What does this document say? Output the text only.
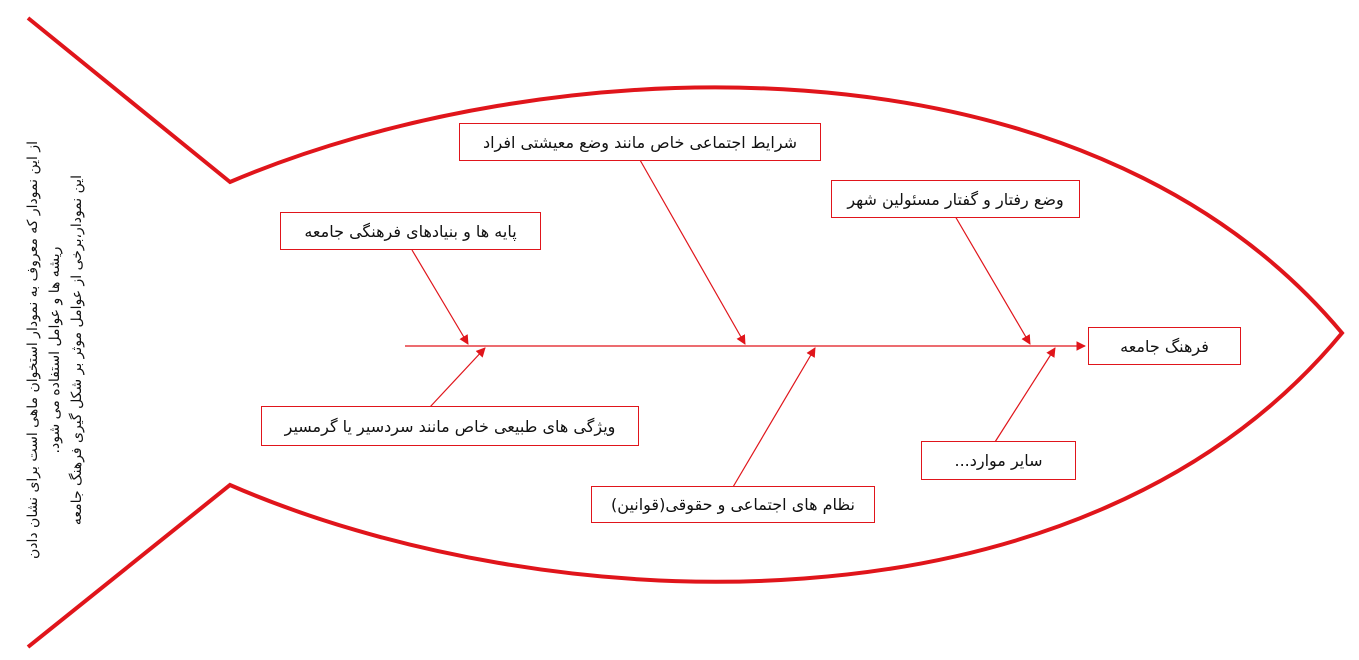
فرهنگ جامعه
پایه ها و بنیادهای فرهنگی جامعه
شرایط اجتماعی خاص مانند وضع معیشتی افراد
وضع رفتار و گفتار مسئولین شهر
ویژگی های طبیعی خاص مانند سردسیر یا گرمسیر
نظام های اجتماعی و حقوقی(قوانین)
سایر موارد...
از این نمودار که معروف به نمودار استخوان ماهی است برای نشان دادن ریشه ها و عوامل استفاده می شود. این نمودار،برخی از عوامل موثر بر شکل گیری فرهنگ جامعه
